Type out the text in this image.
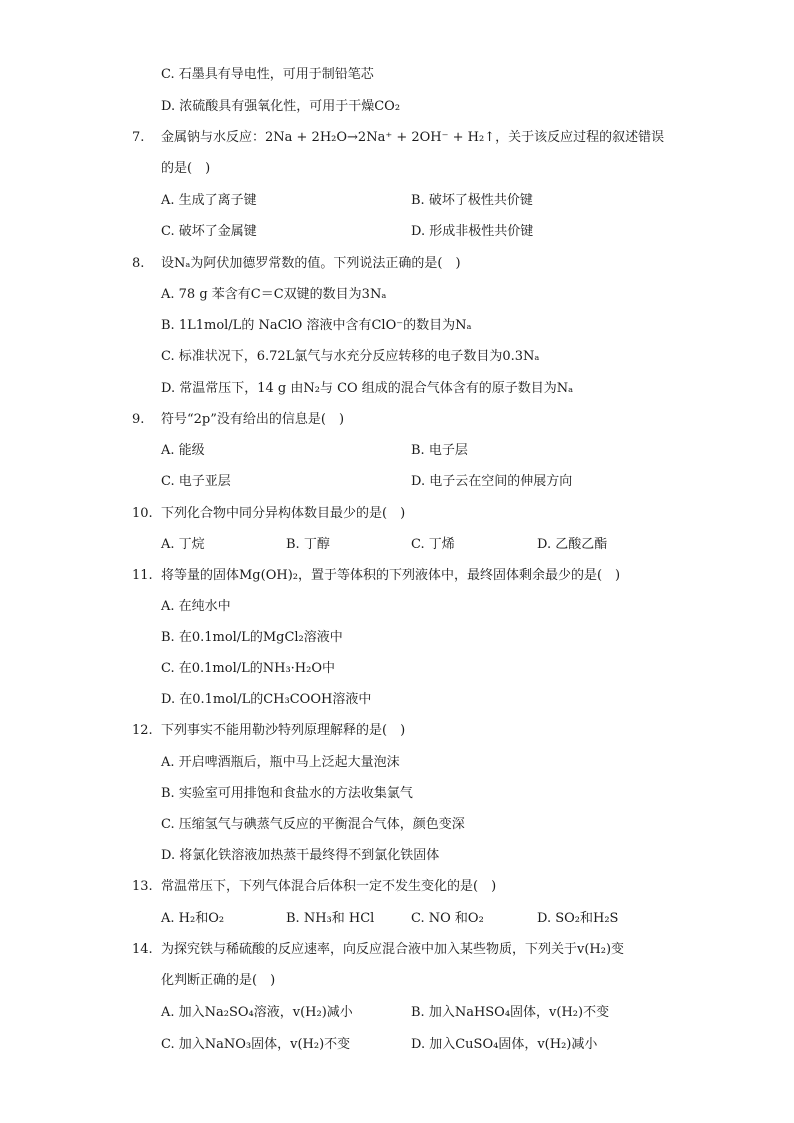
C. 石墨具有导电性，可用于制铅笔芯
D. 浓硫酸具有强氧化性，可用于干燥CO₂
7.	金属钠与水反应：2Na + 2H₂O→2Na⁺ + 2OH⁻ + H₂↑，关于该反应过程的叙述错误
的是(　)
A. 生成了离子键	B. 破坏了极性共价键
C. 破坏了金属键	D. 形成非极性共价键
8.	设Nₐ为阿伏加德罗常数的值。下列说法正确的是(　)
A. 78 g 苯含有C＝C双键的数目为3Nₐ
B. 1L1mol/L的 NaClO 溶液中含有ClO⁻的数目为Nₐ
C. 标准状况下，6.72L氯气与水充分反应转移的电子数目为0.3Nₐ
D. 常温常压下，14 g 由N₂与 CO 组成的混合气体含有的原子数目为Nₐ
9.	符号“2p”没有给出的信息是(　)
A. 能级	B. 电子层
C. 电子亚层	D. 电子云在空间的伸展方向
10. 下列化合物中同分异构体数目最少的是(　)
A. 丁烷	B. 丁醇	C. 丁烯	D. 乙酸乙酯
11. 将等量的固体Mg(OH)₂，置于等体积的下列液体中，最终固体剩余最少的是(　)
A. 在纯水中
B. 在0.1mol/L的MgCl₂溶液中
C. 在0.1mol/L的NH₃·H₂O中
D. 在0.1mol/L的CH₃COOH溶液中
12. 下列事实不能用勒沙特列原理解释的是(　)
A. 开启啤酒瓶后，瓶中马上泛起大量泡沫
B. 实验室可用排饱和食盐水的方法收集氯气
C. 压缩氢气与碘蒸气反应的平衡混合气体，颜色变深
D. 将氯化铁溶液加热蒸干最终得不到氯化铁固体
13. 常温常压下，下列气体混合后体积一定不发生变化的是(　)
A. H₂和O₂	B. NH₃和 HCl	C. NO 和O₂	D. SO₂和H₂S
14. 为探究铁与稀硫酸的反应速率，向反应混合液中加入某些物质，下列关于v(H₂)变
化判断正确的是(　)
A. 加入Na₂SO₄溶液，v(H₂)减小	B. 加入NaHSO₄固体，v(H₂)不变
C. 加入NaNO₃固体，v(H₂)不变	D. 加入CuSO₄固体，v(H₂)减小
